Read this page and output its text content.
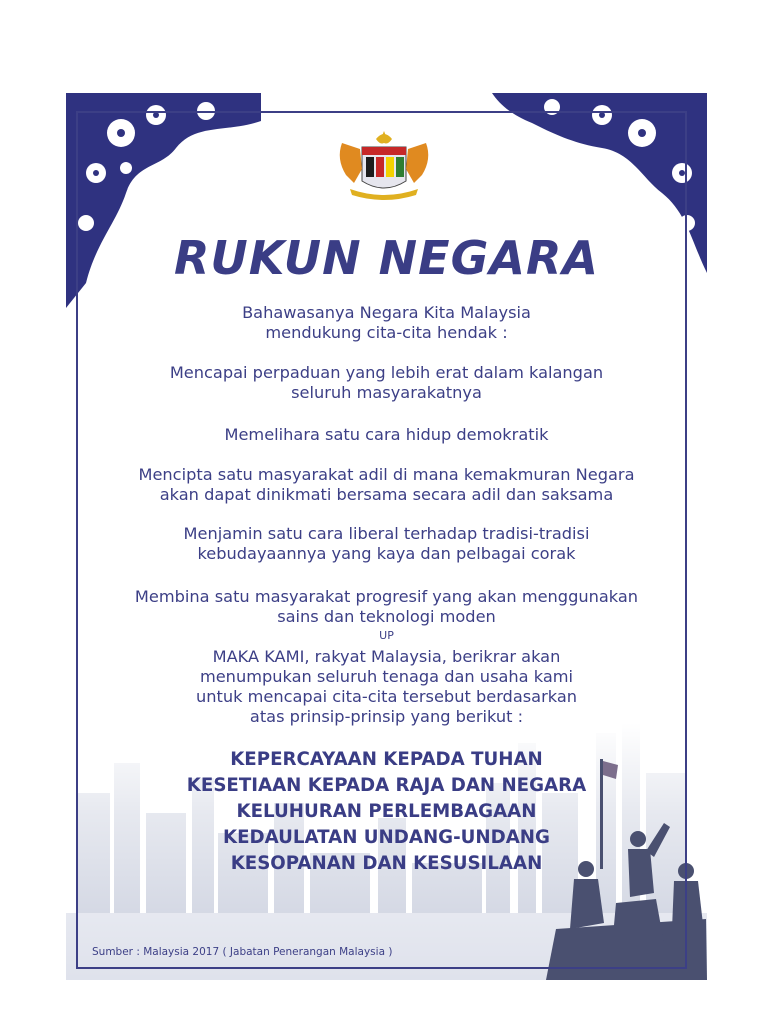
RUKUN NEGARA
Bahawasanya Negara Kita Malaysia
mendukung cita-cita hendak :
Mencapai perpaduan yang lebih erat dalam kalangan
seluruh masyarakatnya
Memelihara satu cara hidup demokratik
Mencipta satu masyarakat adil di mana kemakmuran Negara
akan dapat dinikmati bersama secara adil dan saksama
Menjamin satu cara liberal terhadap tradisi-tradisi
kebudayaannya yang kaya dan pelbagai corak
Membina satu masyarakat progresif yang akan menggunakan
sains dan teknologi moden
UP
MAKA KAMI, rakyat Malaysia, berikrar akan
menumpukan seluruh tenaga dan usaha kami
untuk mencapai cita-cita tersebut berdasarkan
atas prinsip-prinsip yang berikut :
KEPERCAYAAN KEPADA TUHAN
KESETIAAN KEPADA RAJA DAN NEGARA
KELUHURAN PERLEMBAGAAN
KEDAULATAN UNDANG-UNDANG
KESOPANAN DAN KESUSILAAN
Sumber : Malaysia 2017 ( Jabatan Penerangan Malaysia )
